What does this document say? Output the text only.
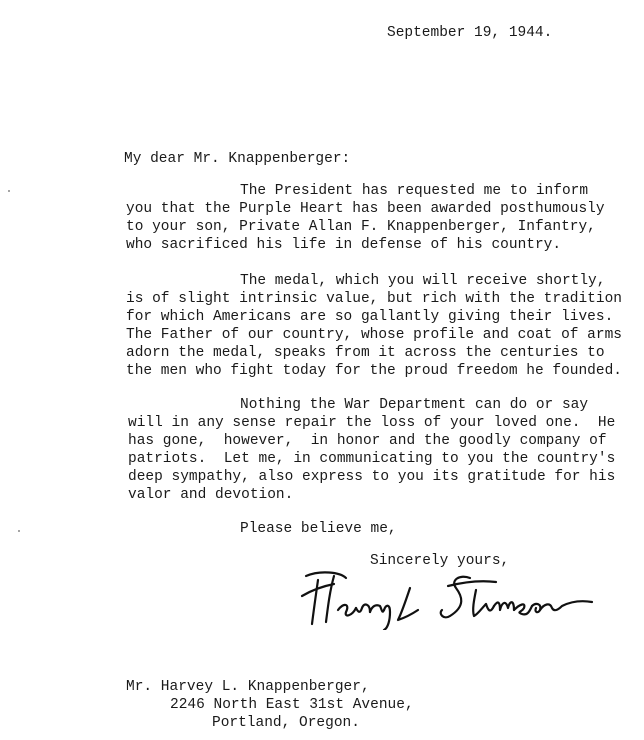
September 19, 1944.
My dear Mr. Knappenberger:
The President has requested me to inform
you that the Purple Heart has been awarded posthumously
to your son, Private Allan F. Knappenberger, Infantry,
who sacrificed his life in defense of his country.
The medal, which you will receive shortly,
is of slight intrinsic value, but rich with the tradition
for which Americans are so gallantly giving their lives.
The Father of our country, whose profile and coat of arms
adorn the medal, speaks from it across the centuries to
the men who fight today for the proud freedom he founded.
Nothing the War Department can do or say
will in any sense repair the loss of your loved one.  He
has gone,  however,  in honor and the goodly company of
patriots.  Let me, in communicating to you the country's
deep sympathy, also express to you its gratitude for his
valor and devotion.
Please believe me,
Sincerely yours,
Mr. Harvey L. Knappenberger,
2246 North East 31st Avenue,
Portland, Oregon.
